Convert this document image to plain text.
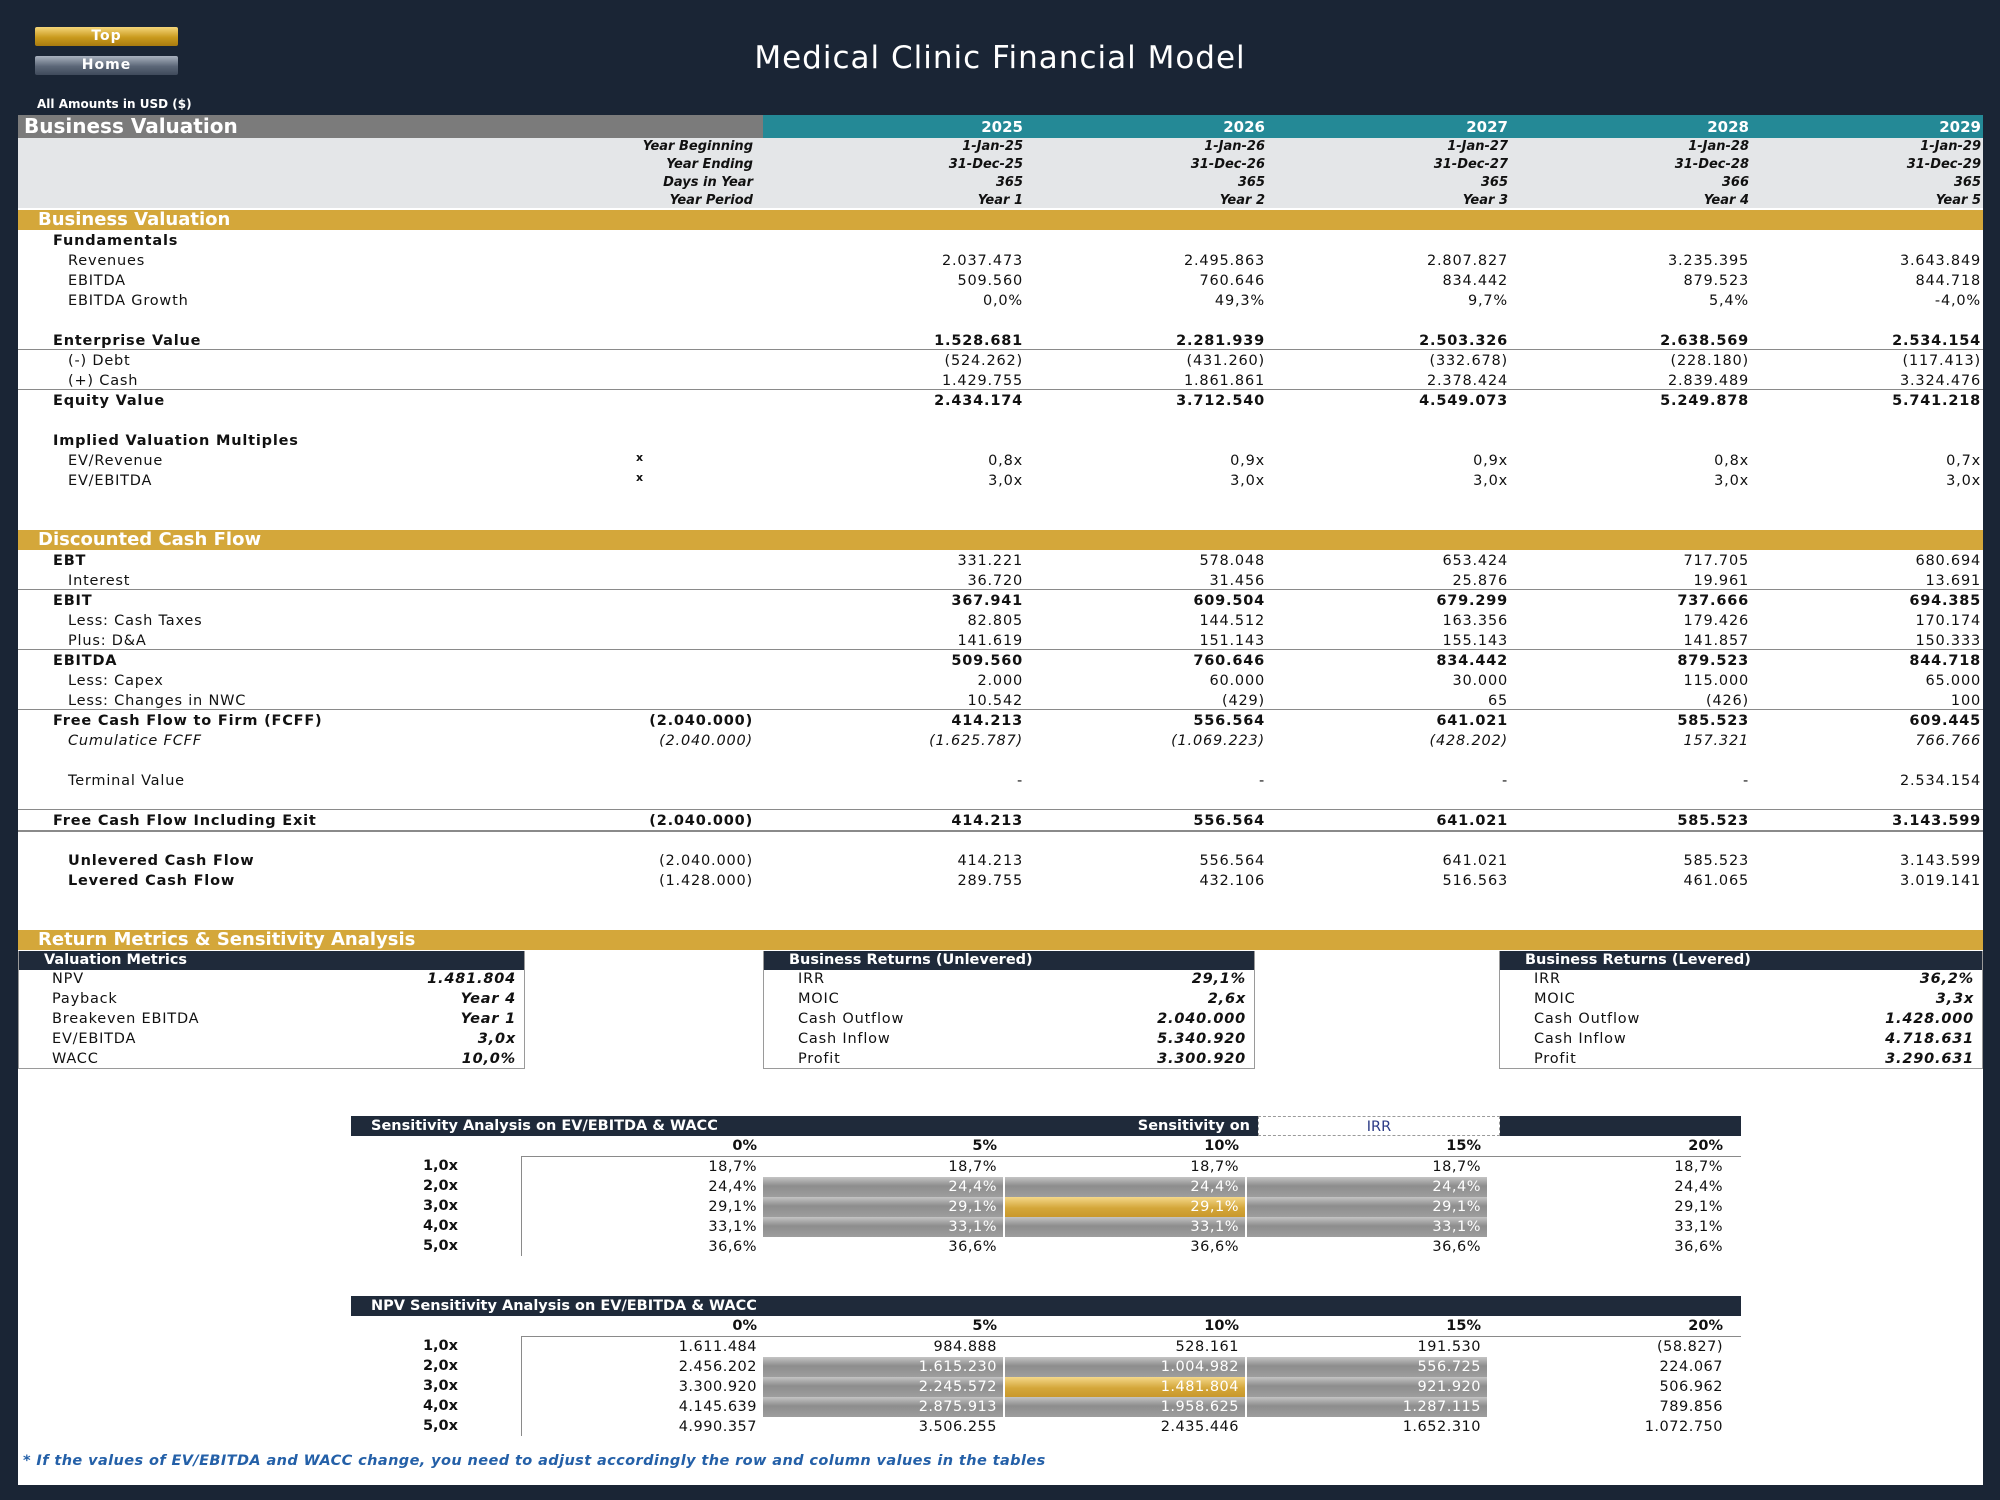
Top
Home	Medical Clinic Financial Model
All Amounts in USD ($)
Business Valuation	2025	2026	2027	2028	2029
Year Beginning	1-Jan-25	1-Jan-26	1-Jan-27	1-Jan-28	1-Jan-29
Year Ending	31-Dec-25	31-Dec-26	31-Dec-27	31-Dec-28	31-Dec-29
Days in Year	365	365	365	366	365
Year Period	Year 1	Year 2	Year 3	Year 4	Year 5
Business Valuation
Fundamentals
Revenues	2.037.473	2.495.863	2.807.827	3.235.395	3.643.849
EBITDA	509.560	760.646	834.442	879.523	844.718
EBITDA Growth	0,0%	49,3%	9,7%	5,4%	-4,0%
Enterprise Value	1.528.681	2.281.939	2.503.326	2.638.569	2.534.154
(-) Debt	(524.262)	(431.260)	(332.678)	(228.180)	(117.413)
(+) Cash	1.429.755	1.861.861	2.378.424	2.839.489	3.324.476
Equity Value	2.434.174	3.712.540	4.549.073	5.249.878	5.741.218
Implied Valuation Multiples
EV/Revenue	x	0,8x	0,9x	0,9x	0,8x	0,7x
EV/EBITDA	x	3,0x	3,0x	3,0x	3,0x	3,0x
Discounted Cash Flow
EBT	331.221	578.048	653.424	717.705	680.694
Interest	36.720	31.456	25.876	19.961	13.691
EBIT	367.941	609.504	679.299	737.666	694.385
Less: Cash Taxes	82.805	144.512	163.356	179.426	170.174
Plus: D&A	141.619	151.143	155.143	141.857	150.333
EBITDA	509.560	760.646	834.442	879.523	844.718
Less: Capex	2.000	60.000	30.000	115.000	65.000
Less: Changes in NWC	10.542	(429)	65	(426)	100
Free Cash Flow to Firm (FCFF)	(2.040.000)	414.213	556.564	641.021	585.523	609.445
Cumulatice FCFF	(2.040.000)	(1.625.787)	(1.069.223)	(428.202)	157.321	766.766
Terminal Value	-	-	-	-	2.534.154
Free Cash Flow Including Exit	(2.040.000)	414.213	556.564	641.021	585.523	3.143.599
Unlevered Cash Flow	(2.040.000)	414.213	556.564	641.021	585.523	3.143.599
Levered Cash Flow	(1.428.000)	289.755	432.106	516.563	461.065	3.019.141
Return Metrics & Sensitivity Analysis
Valuation Metrics
NPV	1.481.804
Payback	Year 4
Breakeven EBITDA	Year 1
EV/EBITDA	3,0x
WACC	10,0%
Business Returns (Unlevered)
IRR	29,1%
MOIC	2,6x
Cash Outflow	2.040.000
Cash Inflow	5.340.920
Profit	3.300.920
Business Returns (Levered)
IRR	36,2%
MOIC	3,3x
Cash Outflow	1.428.000
Cash Inflow	4.718.631
Profit	3.290.631
Sensitivity Analysis on EV/EBITDA & WACC	Sensitivity on	IRR
0%	5%	10%	15%	20%
1,0x	18,7%	18,7%	18,7%	18,7%	18,7%
2,0x	24,4%	24,4%	24,4%	24,4%	24,4%
3,0x	29,1%	29,1%	29,1%	29,1%	29,1%
4,0x	33,1%	33,1%	33,1%	33,1%	33,1%
5,0x	36,6%	36,6%	36,6%	36,6%	36,6%
NPV Sensitivity Analysis on EV/EBITDA & WACC
0%	5%	10%	15%	20%
1,0x	1.611.484	984.888	528.161	191.530	(58.827)
2,0x	2.456.202	1.615.230	1.004.982	556.725	224.067
3,0x	3.300.920	2.245.572	1.481.804	921.920	506.962
4,0x	4.145.639	2.875.913	1.958.625	1.287.115	789.856
5,0x	4.990.357	3.506.255	2.435.446	1.652.310	1.072.750
* If the values of EV/EBITDA and WACC change, you need to adjust accordingly the row and column values in the tables
